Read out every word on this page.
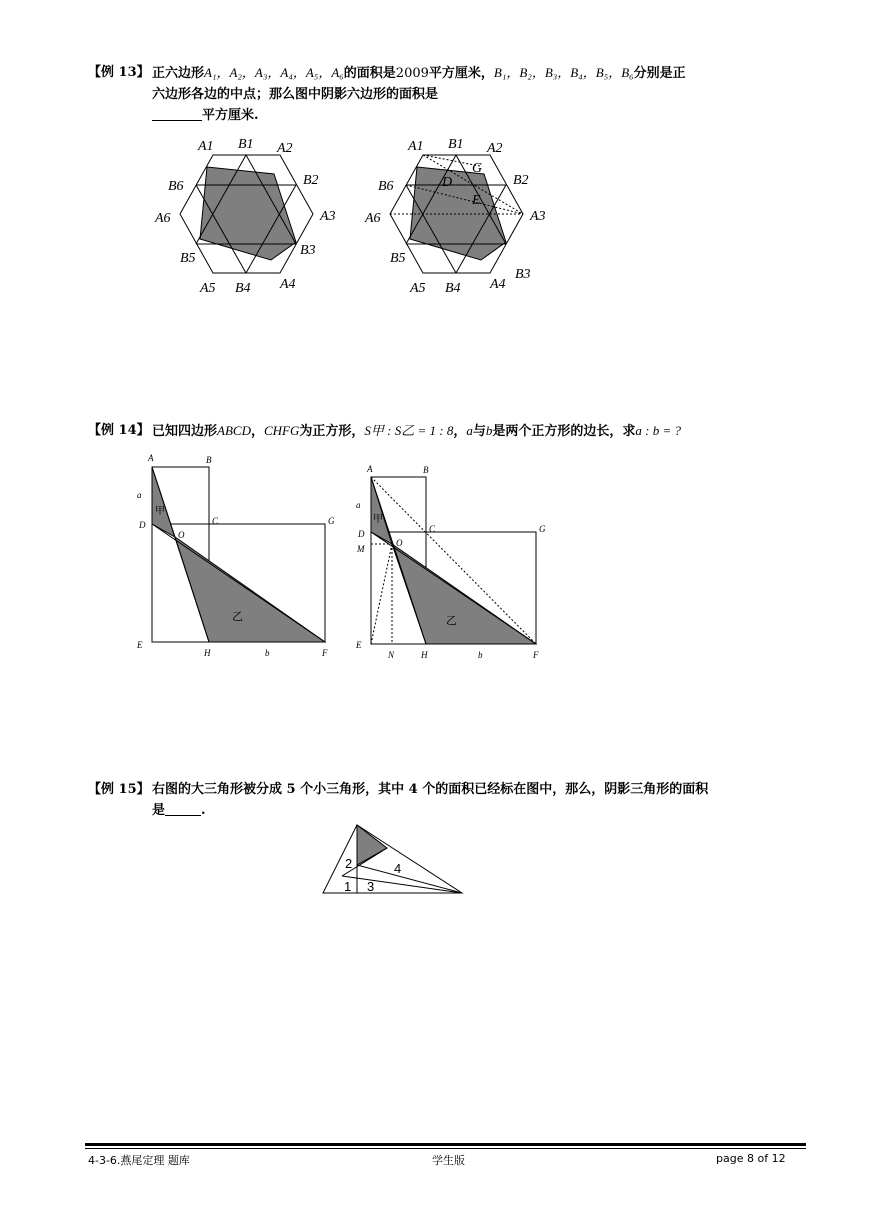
【例 13】 正六边形A₁，A₂，A₃，A₄，A₅，A₆的面积是2009平方厘米，B₁，B₂，B₃，B₄，B₅，B₆分别是正
六边形各边的中点；那么图中阴影六边形的面积是
平方厘米.
A1 B1 A2
B2
A3
B3
A4
B4
A5
B5
A6
B6
A1 B1 A2
B2
A3
B3
A4
B4
A5
B5
A6
B6	D
G
E
【例 14】 已知四边形ABCD，CHFG为正方形，S甲 : S乙 = 1 : 8，a与b是两个正方形的边长，求a : b = ?
A	B
a
D	C	G
O
甲
乙
E
H	b	F
A	B
a
D	C	G
M
O
甲
乙
E
N	H	b	F
【例 15】 右图的大三角形被分成 5 个小三角形，其中 4 个的面积已经标在图中，那么，阴影三角形的面积
是	.
2	4
1 3
4-3-6.燕尾定理 题库	学生版	page 8 of 12
